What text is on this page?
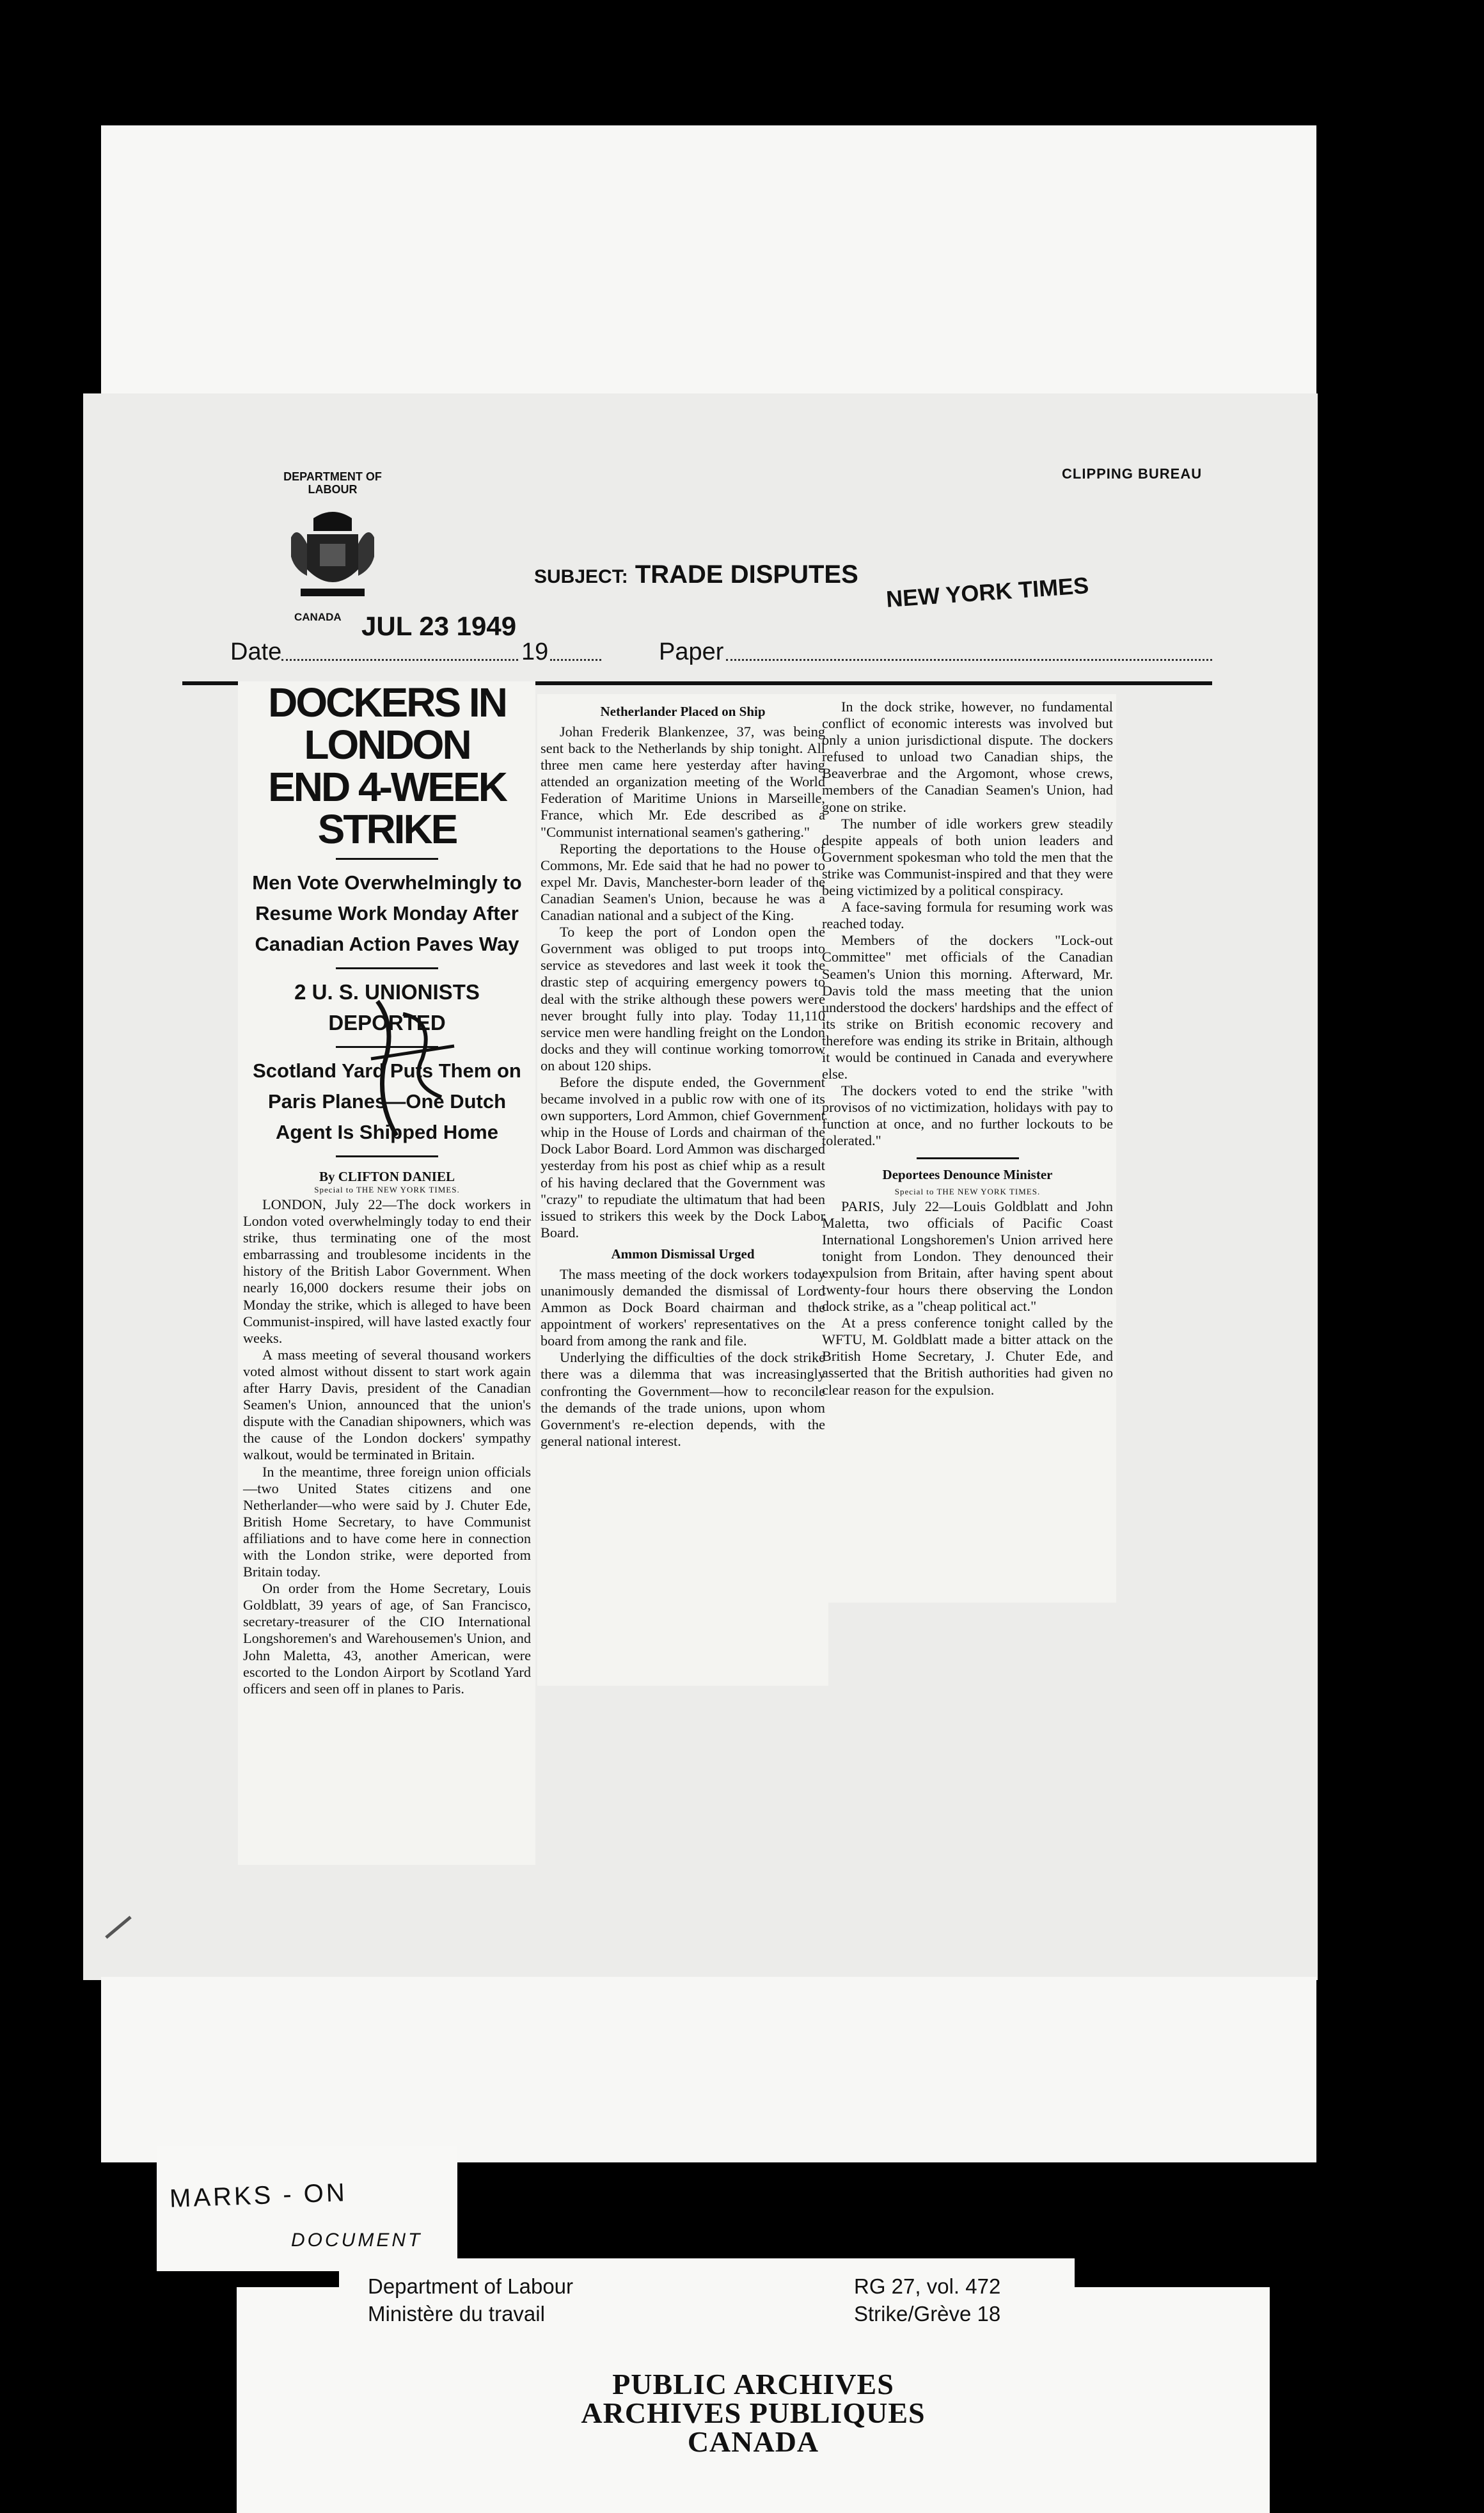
DEPARTMENT OF
LABOUR
CANADA
CLIPPING BUREAU
SUBJECT: TRADE DISPUTES NEW YORK TIMES
JUL 23 1949
Date	19	Paper

DOCKERS IN LONDON

END 4-WEEK STRIKE

Men Vote Overwhelmingly to Resume Work Monday After Canadian Action Paves Way

2 U. S. UNIONISTS DEPORTED

Scotland Yard Puts Them on Paris Planes—One Dutch Agent Is Shipped Home

By CLIFTON DANIEL

Special to THE NEW YORK TIMES.

LONDON, July 22—The dock workers in London voted overwhelmingly today to end their strike, thus terminating one of the most embarrassing and troublesome incidents in the history of the British Labor Government. When nearly 16,000 dockers resume their jobs on Monday the strike, which is alleged to have been Communist-inspired, will have lasted exactly four weeks.

A mass meeting of several thousand workers voted almost without dissent to start work again after Harry Davis, president of the Canadian Seamen's Union, announced that the union's dispute with the Canadian shipowners, which was the cause of the London dockers' sympathy walkout, would be terminated in Britain.

In the meantime, three foreign union officials—two United States citizens and one Netherlander—who were said by J. Chuter Ede, British Home Secretary, to have Communist affiliations and to have come here in connection with the London strike, were deported from Britain today.

On order from the Home Secretary, Louis Goldblatt, 39 years of age, of San Francisco, secretary-treasurer of the CIO International Longshoremen's and Warehousemen's Union, and John Maletta, 43, another American, were escorted to the London Airport by Scotland Yard officers and seen off in planes to Paris.

Netherlander Placed on Ship

Johan Frederik Blankenzee, 37, was being sent back to the Netherlands by ship tonight. All three men came here yesterday after having attended an organization meeting of the World Federation of Maritime Unions in Marseille, France, which Mr. Ede described as a "Communist international seamen's gathering."

Reporting the deportations to the House of Commons, Mr. Ede said that he had no power to expel Mr. Davis, Manchester-born leader of the Canadian Seamen's Union, because he was a Canadian national and a subject of the King.

To keep the port of London open the Government was obliged to put troops into service as stevedores and last week it took the drastic step of acquiring emergency powers to deal with the strike although these powers were never brought fully into play. Today 11,110 service men were handling freight on the London docks and they will continue working tomorrow on about 120 ships.

Before the dispute ended, the Government became involved in a public row with one of its own supporters, Lord Ammon, chief Government whip in the House of Lords and chairman of the Dock Labor Board. Lord Ammon was discharged yesterday from his post as chief whip as a result of his having declared that the Government was "crazy" to repudiate the ultimatum that had been issued to strikers this week by the Dock Labor Board.

Ammon Dismissal Urged

The mass meeting of the dock workers today unanimously demanded the dismissal of Lord Ammon as Dock Board chairman and the appointment of workers' representatives on the board from among the rank and file.

Underlying the difficulties of the dock strike there was a dilemma that was increasingly confronting the Government—how to reconcile the demands of the trade unions, upon whom Government's re-election depends, with the general national interest.

In the dock strike, however, no fundamental conflict of economic interests was involved but only a union jurisdictional dispute. The dockers refused to unload two Canadian ships, the Beaverbrae and the Argomont, whose crews, members of the Canadian Seamen's Union, had gone on strike.

The number of idle workers grew steadily despite appeals of both union leaders and Government spokesman who told the men that the strike was Communist-inspired and that they were being victimized by a political conspiracy.

A face-saving formula for resuming work was reached today.

Members of the dockers "Lock-out Committee" met officials of the Canadian Seamen's Union this morning. Afterward, Mr. Davis told the mass meeting that the union understood the dockers' hardships and the effect of its strike on British economic recovery and therefore was ending its strike in Britain, although it would be continued in Canada and everywhere else.

The dockers voted to end the strike "with provisos of no victimization, holidays with pay to function at once, and no further lockouts to be tolerated."

Deportees Denounce Minister

Special to THE NEW YORK TIMES.

PARIS, July 22—Louis Goldblatt and John Maletta, two officials of Pacific Coast International Longshoremen's Union arrived here tonight from London. They denounced their expulsion from Britain, after having spent about twenty-four hours there observing the London dock strike, as a "cheap political act."

At a press conference tonight called by the WFTU, M. Goldblatt made a bitter attack on the British Home Secretary, J. Chuter Ede, and asserted that the British authorities had given no clear reason for the expulsion.

MARKS - ON
DOCUMENT
Department of Labour
Ministère du travail
RG 27, vol. 472
Strike/Grève 18
PUBLIC ARCHIVES
ARCHIVES PUBLIQUES
CANADA
